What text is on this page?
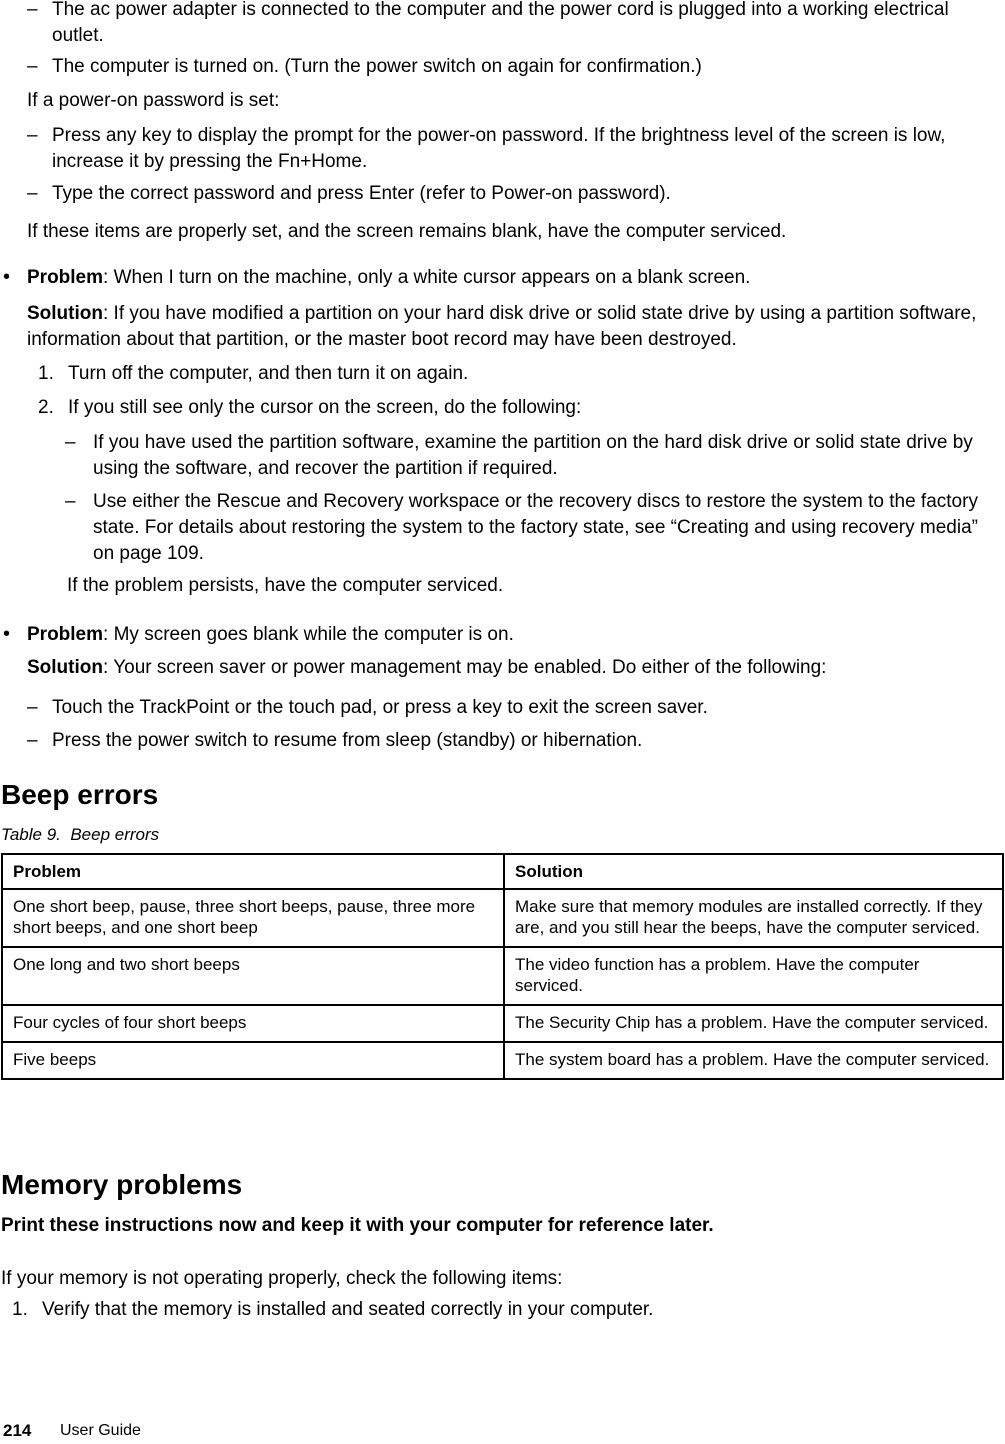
– The ac power adapter is connected to the computer and the power cord is plugged into a working electrical outlet.
– The computer is turned on. (Turn the power switch on again for confirmation.)
If a power-on password is set:
– Press any key to display the prompt for the power-on password. If the brightness level of the screen is low, increase it by pressing the Fn+Home.
– Type the correct password and press Enter (refer to Power-on password).
If these items are properly set, and the screen remains blank, have the computer serviced.
• Problem: When I turn on the machine, only a white cursor appears on a blank screen.
Solution: If you have modified a partition on your hard disk drive or solid state drive by using a partition software, information about that partition, or the master boot record may have been destroyed.
1. Turn off the computer, and then turn it on again.
2. If you still see only the cursor on the screen, do the following:
– If you have used the partition software, examine the partition on the hard disk drive or solid state drive by using the software, and recover the partition if required.
– Use either the Rescue and Recovery workspace or the recovery discs to restore the system to the factory state. For details about restoring the system to the factory state, see “Creating and using recovery media” on page 109.
If the problem persists, have the computer serviced.
• Problem: My screen goes blank while the computer is on.
Solution: Your screen saver or power management may be enabled. Do either of the following:
– Touch the TrackPoint or the touch pad, or press a key to exit the screen saver.
– Press the power switch to resume from sleep (standby) or hibernation.
Beep errors
Table 9. Beep errors
Problem	Solution
One short beep, pause, three short beeps, pause, three more short beeps, and one short beep	Make sure that memory modules are installed correctly. If they are, and you still hear the beeps, have the computer serviced.
One long and two short beeps	The video function has a problem. Have the computer serviced.
Four cycles of four short beeps	The Security Chip has a problem. Have the computer serviced.
Five beeps	The system board has a problem. Have the computer serviced.
Memory problems
Print these instructions now and keep it with your computer for reference later.
If your memory is not operating properly, check the following items:
1. Verify that the memory is installed and seated correctly in your computer.
214 User Guide
